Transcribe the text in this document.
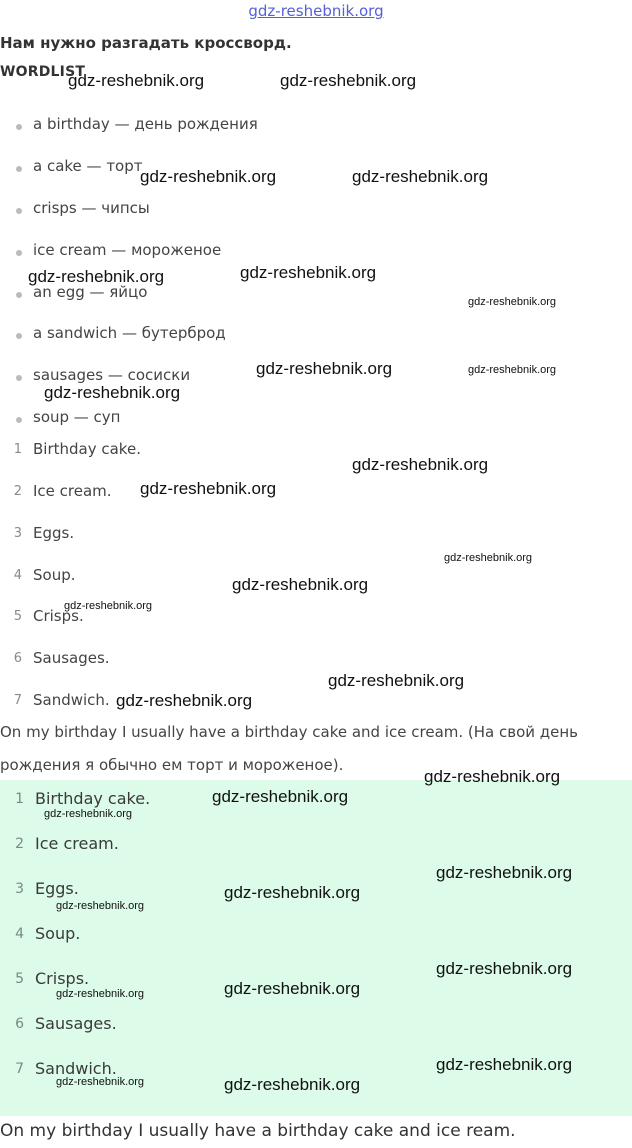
gdz-reshebnik.org
Нам нужно разгадать кроссворд.
WORDLIST
a birthday — день рождения
a cake — торт
crisps — чипсы
ice cream — мороженое
an egg — яйцо
a sandwich — бутерброд
sausages — сосиски
soup — суп
1 Birthday cake.
2 Ice cream.
3 Eggs.
4 Soup.
5 Crisps.
6 Sausages.
7 Sandwich.
On my birthday I usually have a birthday cake and ice cream. (На свой день
рождения я обычно ем торт и мороженое).
1 Birthday cake.
2 Ice cream.
3 Eggs.
4 Soup.
5 Crisps.
6 Sausages.
7 Sandwich.
On my birthday I usually have a birthday cake and ice ream.
gdz-reshebnik.org	gdz-reshebnik.org
gdz-reshebnik.org	gdz-reshebnik.org
gdz-reshebnik.org	gdz-reshebnik.org
gdz-reshebnik.org
gdz-reshebnik.org	gdz-reshebnik.org
gdz-reshebnik.org
gdz-reshebnik.org
gdz-reshebnik.org
gdz-reshebnik.org
gdz-reshebnik.org
gdz-reshebnik.org
gdz-reshebnik.org
gdz-reshebnik.org
gdz-reshebnik.org
gdz-reshebnik.org
gdz-reshebnik.org
gdz-reshebnik.org
gdz-reshebnik.org
gdz-reshebnik.org
gdz-reshebnik.org
gdz-reshebnik.org
gdz-reshebnik.org
gdz-reshebnik.org
gdz-reshebnik.org
gdz-reshebnik.org
